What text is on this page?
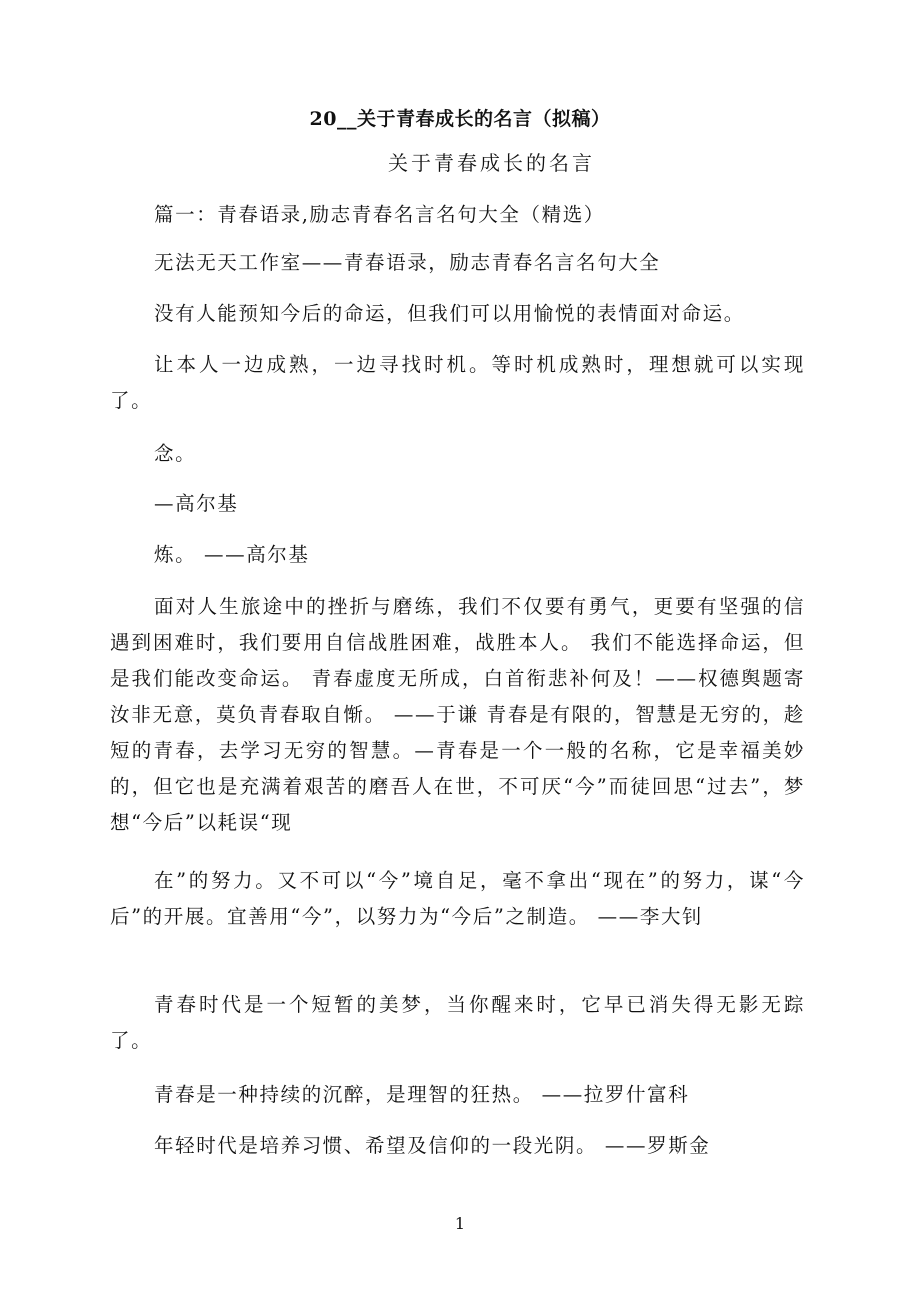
20__关于青春成长的名言（拟稿）
关于青春成长的名言
篇一：青春语录,励志青春名言名句大全（精选）
无法无天工作室——青春语录，励志青春名言名句大全
没有人能预知今后的命运，但我们可以用愉悦的表情面对命运。
让本人一边成熟，一边寻找时机。等时机成熟时，理想就可以实现了。
念。
—高尔基
炼。 ——高尔基
面对人生旅途中的挫折与磨练，我们不仅要有勇气，更要有坚强的信遇到困难时，我们要用自信战胜困难，战胜本人。 我们不能选择命运，但是我们能改变命运。 青春虚度无所成，白首衔悲补何及！——权德舆题寄汝非无意，莫负青春取自惭。 ——于谦 青春是有限的，智慧是无穷的，趁短的青春，去学习无穷的智慧。—青春是一个一般的名称，它是幸福美妙的，但它也是充满着艰苦的磨吾人在世，不可厌“今”而徒回思“过去”，梦想“今后”以耗误“现
在”的努力。又不可以“今”境自足，毫不拿出“现在”的努力，谋“今后”的开展。宜善用“今”，以努力为“今后”之制造。 ——李大钊
青春时代是一个短暂的美梦，当你醒来时，它早已消失得无影无踪了。
青春是一种持续的沉醉，是理智的狂热。 ——拉罗什富科
年轻时代是培养习惯、希望及信仰的一段光阴。 ——罗斯金
1
